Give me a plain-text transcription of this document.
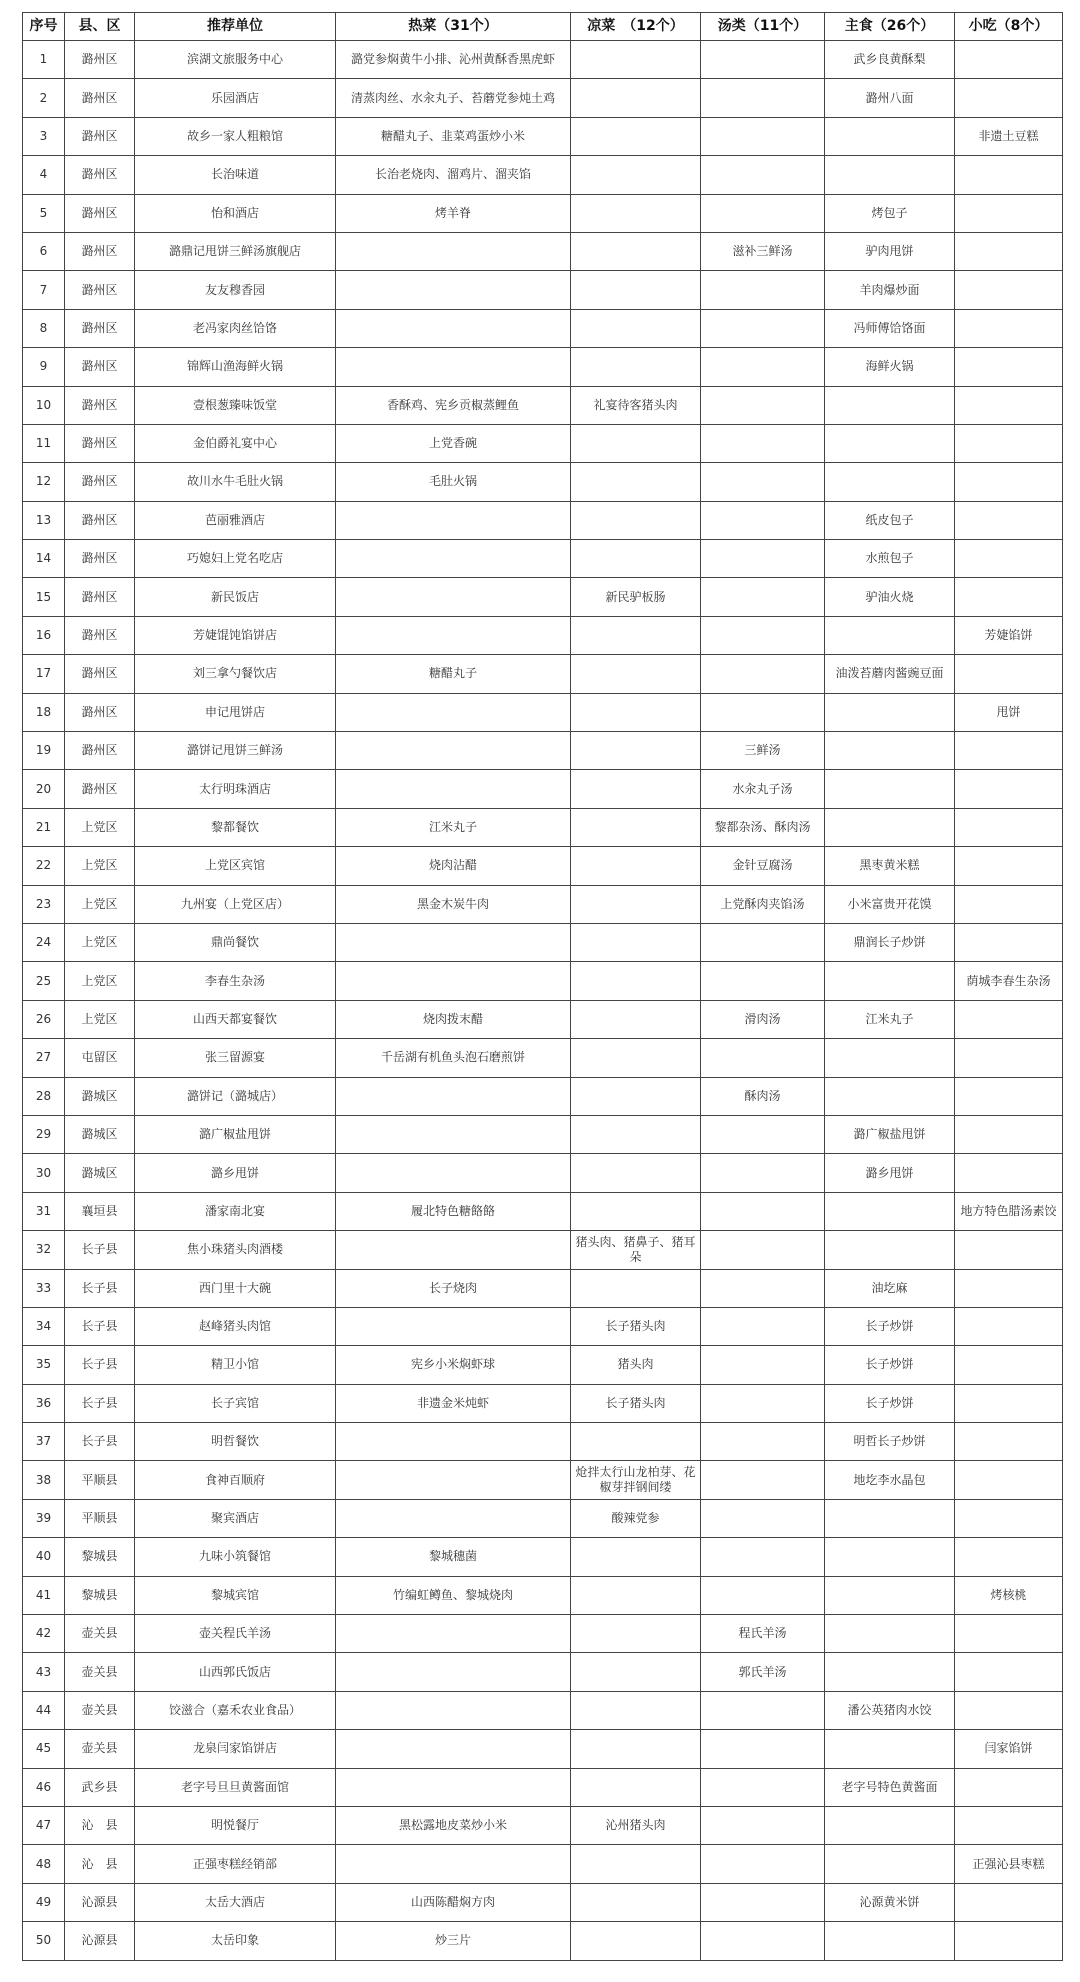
序号	县、区	推荐单位	热菜（31个）	凉菜　（12个）	汤类（11个）	主食（26个）	小吃（8个）
1	潞州区	滨湖文旅服务中心	潞党参焖黄牛小排、沁州黄酥香黑虎虾			武乡良黄酥梨	
2	潞州区	乐园酒店	清蒸肉丝、水汆丸子、苔蘑党参炖土鸡			潞州八面	
3	潞州区	故乡一家人粗粮馆	糖醋丸子、韭菜鸡蛋炒小米				非遗土豆糕
4	潞州区	长治味道	长治老烧肉、溜鸡片、溜夹馅				
5	潞州区	怡和酒店	烤羊脊			烤包子	
6	潞州区	潞鼎记甩饼三鲜汤旗舰店			滋补三鲜汤	驴肉甩饼	
7	潞州区	友友穆香园				羊肉爆炒面	
8	潞州区	老冯家肉丝饸饹				冯师傅饸饹面	
9	潞州区	锦辉山渔海鲜火锅				海鲜火锅	
10	潞州区	壹根葱臻味饭堂	香酥鸡、宪乡贡椒蒸鲤鱼	礼宴待客猪头肉			
11	潞州区	金伯爵礼宴中心	上党香碗				
12	潞州区	故川水牛毛肚火锅	毛肚火锅				
13	潞州区	芭丽雅酒店				纸皮包子	
14	潞州区	巧媳妇上党名吃店				水煎包子	
15	潞州区	新民饭店		新民驴板肠		驴油火烧	
16	潞州区	芳婕馄饨馅饼店					芳婕馅饼
17	潞州区	刘三拿勺餐饮店	糖醋丸子			油泼苔蘑肉酱豌豆面	
18	潞州区	申记甩饼店					甩饼
19	潞州区	潞饼记甩饼三鲜汤			三鲜汤		
20	潞州区	太行明珠酒店			水汆丸子汤		
21	上党区	黎都餐饮	江米丸子		黎都杂汤、酥肉汤		
22	上党区	上党区宾馆	烧肉沾醋		金针豆腐汤	黑枣黄米糕	
23	上党区	九州宴（上党区店）	黑金木炭牛肉		上党酥肉夹馅汤	小米富贵开花馍	
24	上党区	鼎尚餐饮				鼎润长子炒饼	
25	上党区	李春生杂汤					荫城李春生杂汤
26	上党区	山西天都宴餐饮	烧肉拨末醋		滑肉汤	江米丸子	
27	屯留区	张三留源宴	千岳湖有机鱼头泡石磨煎饼				
28	潞城区	潞饼记（潞城店）			酥肉汤		
29	潞城区	潞广椒盐甩饼				潞广椒盐甩饼	
30	潞城区	潞乡甩饼				潞乡甩饼	
31	襄垣县	潘家南北宴	履北特色糖餎餎				地方特色腊汤素饺
32	长子县	焦小珠猪头肉酒楼		猪头肉、猪鼻子、猪耳朵			
33	长子县	西门里十大碗	长子烧肉			油圪麻	
34	长子县	赵峰猪头肉馆		长子猪头肉		长子炒饼	
35	长子县	精卫小馆	宪乡小米焖虾球	猪头肉		长子炒饼	
36	长子县	长子宾馆	非遗金米炖虾	长子猪头肉		长子炒饼	
37	长子县	明哲餐饮				明哲长子炒饼	
38	平顺县	食神百顺府		炝拌太行山龙柏芽、花椒芽拌钢间缕		地圪李水晶包	
39	平顺县	聚宾酒店		酸辣党参			
40	黎城县	九味小筑餐馆	黎城穗菌				
41	黎城县	黎城宾馆	竹编虹鳟鱼、黎城烧肉				烤核桃
42	壶关县	壶关程氏羊汤			程氏羊汤		
43	壶关县	山西郭氏饭店			郭氏羊汤		
44	壶关县	饺滋合（嘉禾农业食品）				潘公英猪肉水饺	
45	壶关县	龙泉闫家馅饼店					闫家馅饼
46	武乡县	老字号旦旦黄酱面馆				老字号特色黄酱面	
47	沁　县	明悦餐厅	黑松露地皮菜炒小米	沁州猪头肉			
48	沁　县	正强枣糕经销部					正强沁县枣糕
49	沁源县	太岳大酒店	山西陈醋焖方肉			沁源黄米饼	
50	沁源县	太岳印象	炒三片				
